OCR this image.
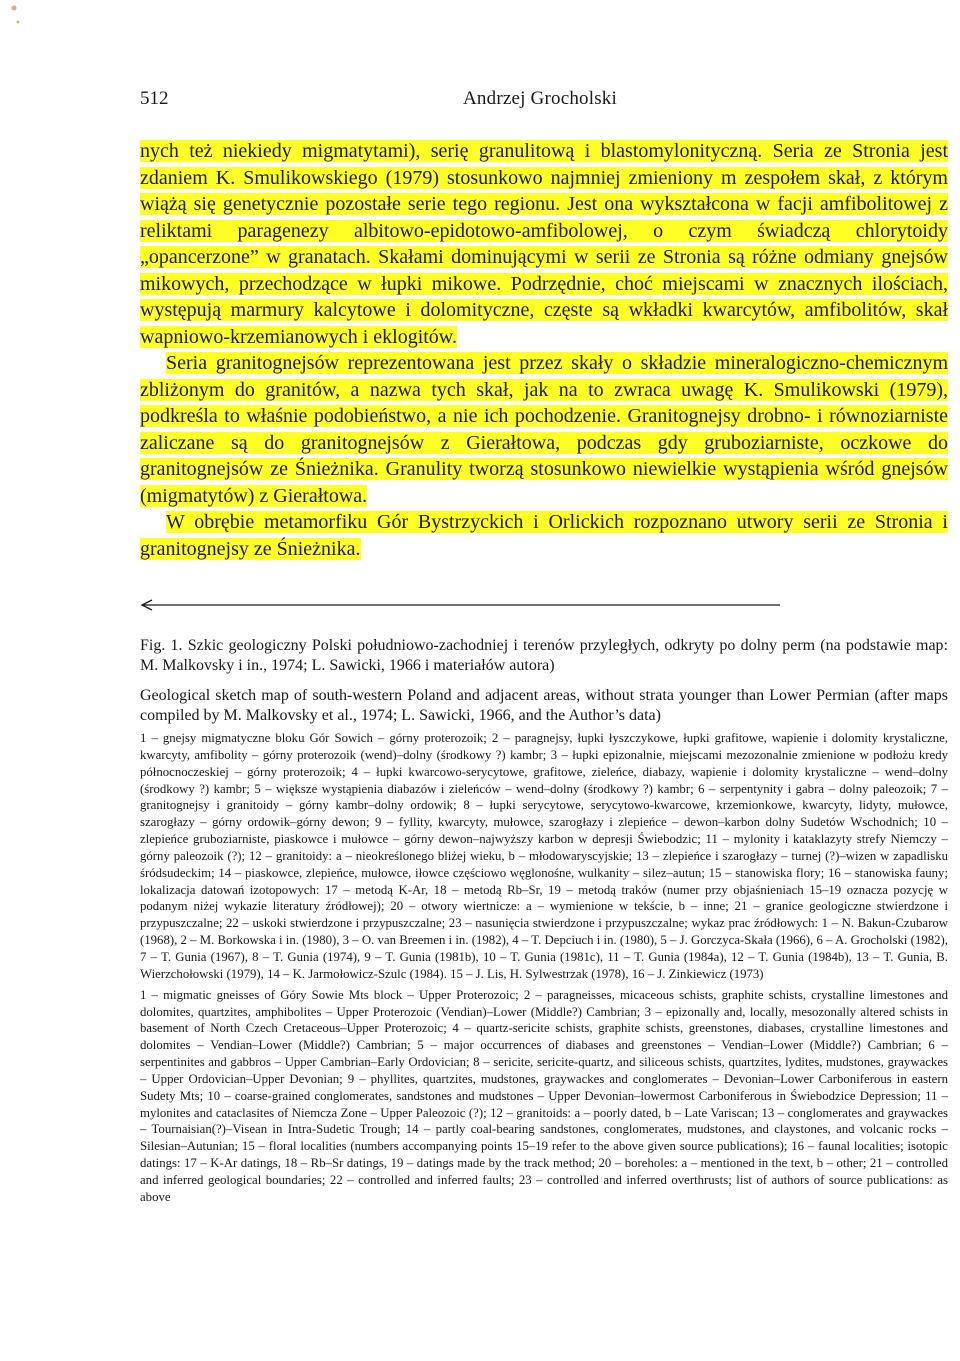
512	Andrzej Grocholski

nych też niekiedy migmatytami), serię granulitową i blastomylonityczną. Seria ze Stronia jest zdaniem K. Smulikowskiego (1979) stosunkowo najmniej zmieniony m zespołem skał, z którym wiążą się genetycznie pozostałe serie tego regionu. Jest ona wykształcona w facji amfibolitowej z reliktami paragenezy albitowo-epidotowo-amfibolowej, o czym świadczą chlorytoidy „opancerzone” w granatach. Skałami dominującymi w serii ze Stronia są różne odmiany gnejsów mikowych, przechodzące w łupki mikowe. Podrzędnie, choć miejscami w znacznych ilościach, występują marmury kalcytowe i dolomityczne, częste są wkładki kwarcytów, amfibolitów, skał wapniowo-krzemianowych i eklogitów.

Seria granitognejsów reprezentowana jest przez skały o składzie mineralogiczno-chemicznym zbliżonym do granitów, a nazwa tych skał, jak na to zwraca uwagę K. Smulikowski (1979), podkreśla to właśnie podobieństwo, a nie ich pochodzenie. Granitognejsy drobno- i równoziarniste zaliczane są do granitognejsów z Gierałtowa, podczas gdy gruboziarniste, oczkowe do granitognejsów ze Śnieżnika. Granulity tworzą stosunkowo niewielkie wystąpienia wśród gnejsów (migmatytów) z Gierałtowa.

W obrębie metamorfiku Gór Bystrzyckich i Orlickich rozpoznano utwory serii ze Stronia i granitognejsy ze Śnieżnika.

Fig. 1. Szkic geologiczny Polski południowo-zachodniej i terenów przyległych, odkryty po dolny perm (na podstawie map: M. Malkovsky i in., 1974; L. Sawicki, 1966 i materiałów autora)

Geological sketch map of south-western Poland and adjacent areas, without strata younger than Lower Permian (after maps compiled by M. Malkovsky et al., 1974; L. Sawicki, 1966, and the Author’s data)

1 – gnejsy migmatyczne bloku Gór Sowich – górny proterozoik; 2 – paragnejsy, łupki łyszczykowe, łupki grafitowe, wapienie i dolomity krystaliczne, kwarcyty, amfibolity – górny proterozoik (wend)–dolny (środkowy ?) kambr; 3 – łupki epizonalnie, miejscami mezozonalnie zmienione w podłożu kredy północnoczeskiej – górny proterozoik; 4 – łupki kwarcowo-serycytowe, grafitowe, zieleńce, diabazy, wapienie i dolomity krystaliczne – wend–dolny (środkowy ?) kambr; 5 – większe wystąpienia diabazów i zieleńców – wend–dolny (środkowy ?) kambr; 6 – serpentynity i gabra – dolny paleozoik; 7 – granitognejsy i granitoidy – górny kambr–dolny ordowik; 8 – łupki serycytowe, serycytowo-kwarcowe, krzemionkowe, kwarcyty, lidyty, mułowce, szarogłazy – górny ordowik–górny dewon; 9 – fyllity, kwarcyty, mułowce, szarogłazy i zlepieńce – dewon–karbon dolny Sudetów Wschodnich; 10 – zlepieńce gruboziarniste, piaskowce i mułowce – górny dewon–najwyższy karbon w depresji Świebodzic; 11 – mylonity i kataklazyty strefy Niemczy – górny paleozoik (?); 12 – granitoidy: a – nieokreślonego bliżej wieku, b – młodowaryscyjskie; 13 – zlepieńce i szarogłazy – turnej (?)–wizen w zapadlisku śródsudeckim; 14 – piaskowce, zlepieńce, mułowce, iłowce częściowo węglonośne, wulkanity – silez–autun; 15 – stanowiska flory; 16 – stanowiska fauny; lokalizacja datowań izotopowych: 17 – metodą K-Ar, 18 – metodą Rb–Sr, 19 – metodą traków (numer przy objaśnieniach 15–19 oznacza pozycję w podanym niżej wykazie literatury źródłowej); 20 – otwory wiertnicze: a – wymienione w tekście, b – inne; 21 – granice geologiczne stwierdzone i przypuszczalne; 22 – uskoki stwierdzone i przypuszczalne; 23 – nasunięcia stwierdzone i przypuszczalne; wykaz prac źródłowych: 1 – N. Bakun-Czubarow (1968), 2 – M. Borkowska i in. (1980), 3 – O. van Breemen i in. (1982), 4 – T. Depciuch i in. (1980), 5 – J. Gorczyca-Skała (1966), 6 – A. Grocholski (1982), 7 – T. Gunia (1967), 8 – T. Gunia (1974), 9 – T. Gunia (1981b), 10 – T. Gunia (1981c), 11 – T. Gunia (1984a), 12 – T. Gunia (1984b), 13 – T. Gunia, B. Wierzchołowski (1979), 14 – K. Jarmołowicz-Szulc (1984). 15 – J. Lis, H. Sylwestrzak (1978), 16 – J. Zinkiewicz (1973)

1 – migmatic gneisses of Góry Sowie Mts block – Upper Proterozoic; 2 – paragneisses, micaceous schists, graphite schists, crystalline limestones and dolomites, quartzites, amphibolites – Upper Proterozoic (Vendian)–Lower (Middle?) Cambrian; 3 – epizonally and, locally, mesozonally altered schists in basement of North Czech Cretaceous–Upper Proterozoic; 4 – quartz-sericite schists, graphite schists, greenstones, diabases, crystalline limestones and dolomites – Vendian–Lower (Middle?) Cambrian; 5 – major occurrences of diabases and greenstones – Vendian–Lower (Middle?) Cambrian; 6 – serpentinites and gabbros – Upper Cambrian–Early Ordovician; 8 – sericite, sericite-quartz, and siliceous schists, quartzites, lydites, mudstones, graywackes – Upper Ordovician–Upper Devonian; 9 – phyllites, quartzites, mudstones, graywackes and conglomerates – Devonian–Lower Carboniferous in eastern Sudety Mts; 10 – coarse-grained conglomerates, sandstones and mudstones – Upper Devonian–lowermost Carboniferous in Świebodzice Depression; 11 – mylonites and cataclasites of Niemcza Zone – Upper Paleozoic (?); 12 – granitoids: a – poorly dated, b – Late Variscan; 13 – conglomerates and graywackes – Tournaisian(?)–Visean in Intra-Sudetic Trough; 14 – partly coal-bearing sandstones, conglomerates, mudstones, and claystones, and volcanic rocks – Silesian–Autunian; 15 – floral localities (numbers accompanying points 15–19 refer to the above given source publications); 16 – faunal localities; isotopic datings: 17 – K-Ar datings, 18 – Rb–Sr datings, 19 – datings made by the track method; 20 – boreholes: a – mentioned in the text, b – other; 21 – controlled and inferred geological boundaries; 22 – controlled and inferred faults; 23 – controlled and inferred overthrusts; list of authors of source publications: as above
